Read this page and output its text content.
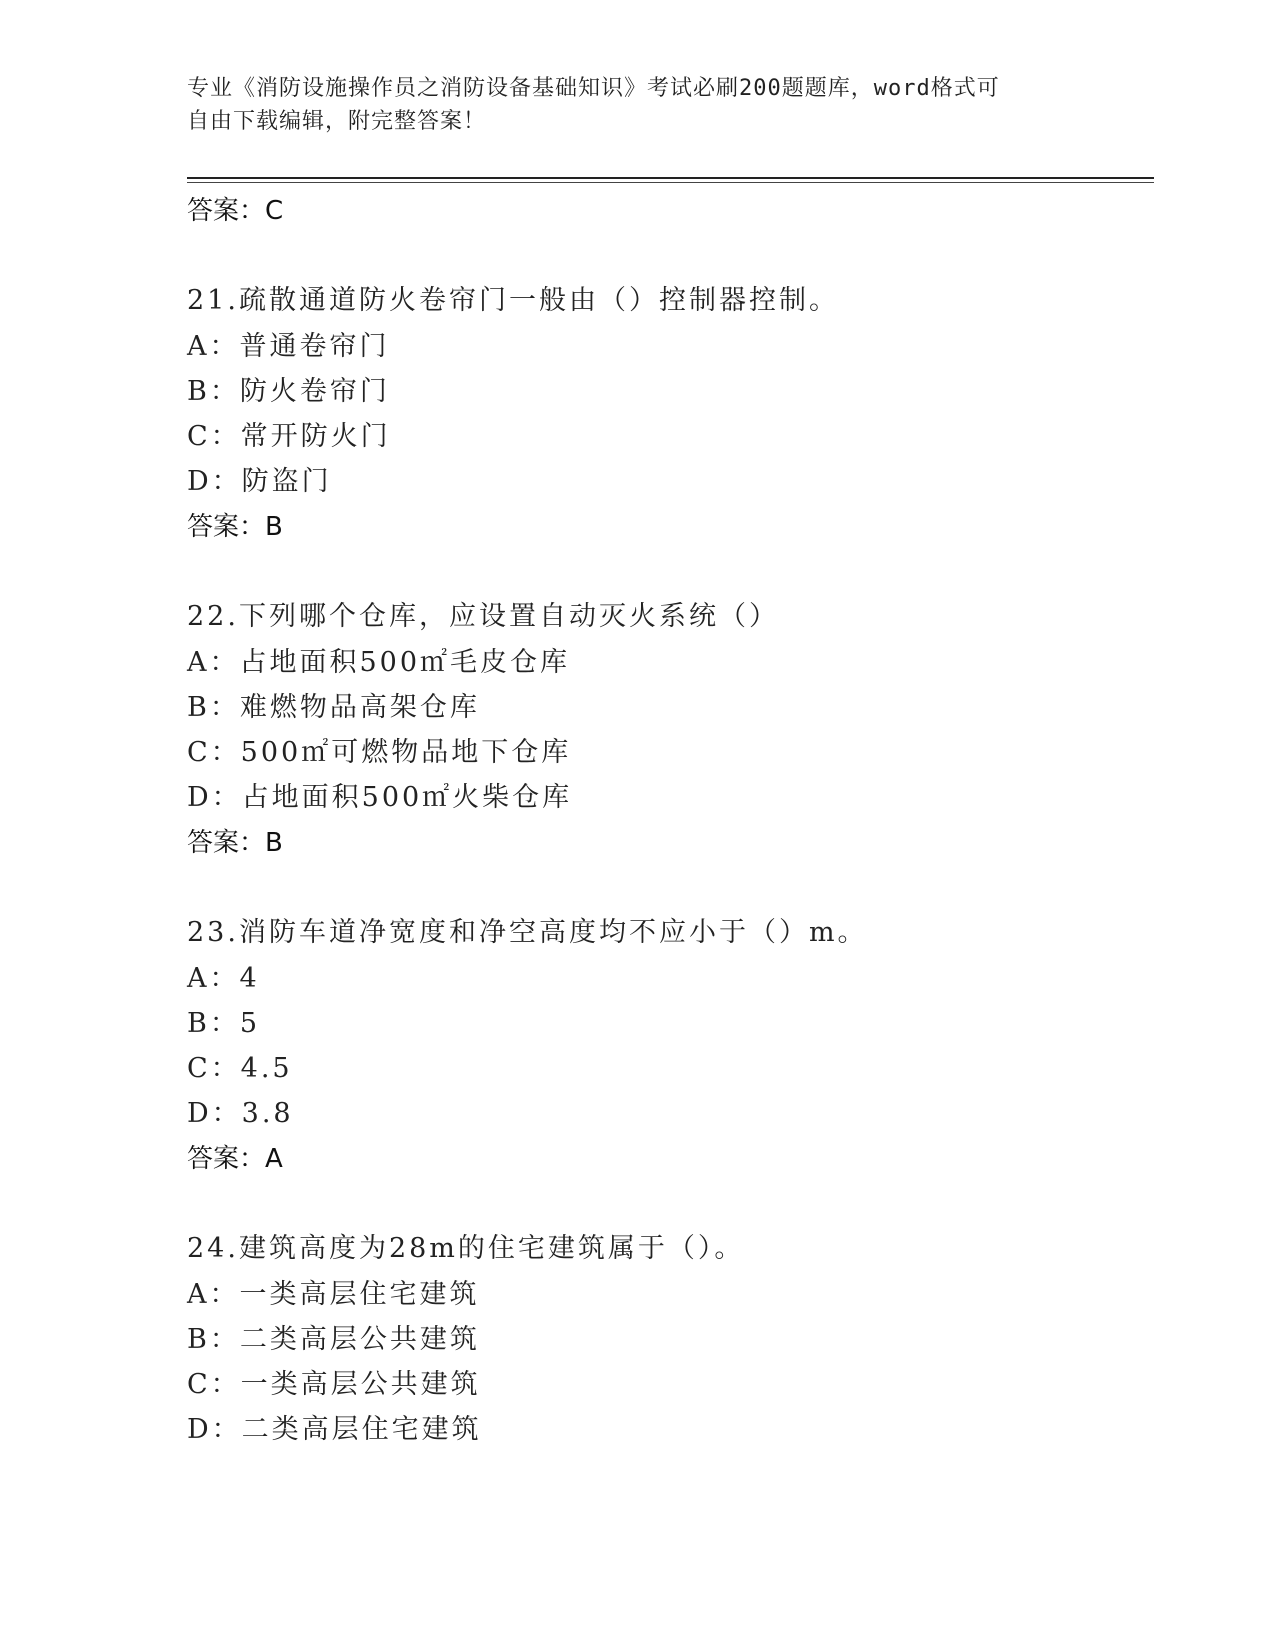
专业《消防设施操作员之消防设备基础知识》考试必刷200题题库，word格式可
自由下载编辑，附完整答案！
答案：C
21.疏散通道防火卷帘门一般由（）控制器控制。
A：普通卷帘门
B：防火卷帘门
C：常开防火门
D：防盗门
答案：B
22.下列哪个仓库，应设置自动灭火系统（）
A：占地面积500㎡毛皮仓库
B：难燃物品高架仓库
C：500㎡可燃物品地下仓库
D：占地面积500㎡火柴仓库
答案：B
23.消防车道净宽度和净空高度均不应小于（）m。
A：4
B：5
C：4.5
D：3.8
答案：A
24.建筑高度为28m的住宅建筑属于（）。
A：一类高层住宅建筑
B：二类高层公共建筑
C：一类高层公共建筑
D：二类高层住宅建筑
